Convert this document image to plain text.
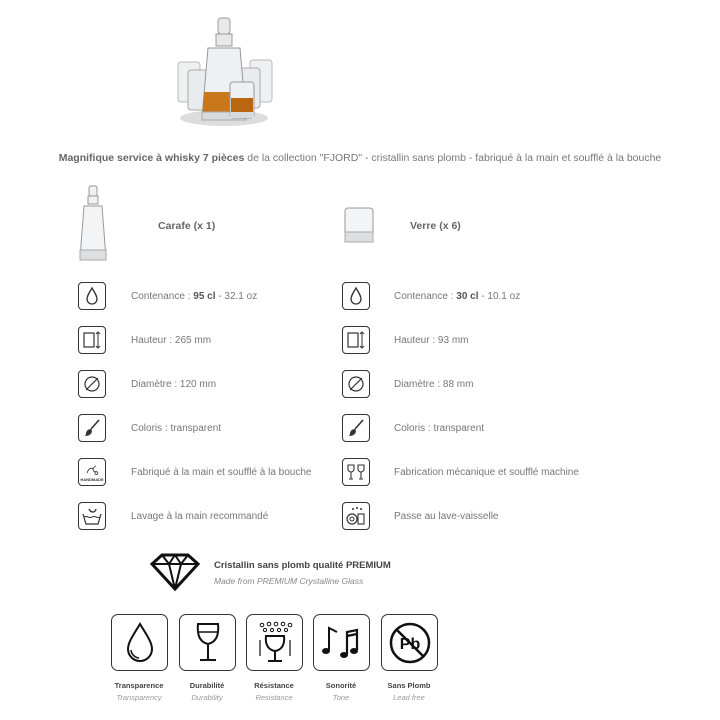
Magnifique service à whisky 7 pièces de la collection "FJORD" - cristallin sans plomb - fabriqué à la main et soufflé à la bouche
Carafe (x 1)	Verre (x 6)
Contenance : 95 cl - 32.1 oz
Hauteur : 265 mm
Diamètre : 120 mm
Coloris : transparent
HANDMADE
Fabriqué à la main et soufflé à la bouche
Lavage à la main recommandé
Contenance : 30 cl - 10.1 oz
Hauteur : 93 mm
Diamètre : 88 mm
Coloris : transparent
Fabrication mécanique et soufflé machine
Passe au lave-vaisselle
Cristallin sans plomb qualité PREMIUM
Made from PREMIUM Crystalline Glass
Pb
Transparence
Transparency
Durabilité
Durability
Résistance
Resistance
Sonorité
Tone
Sans Plomb
Lead free
